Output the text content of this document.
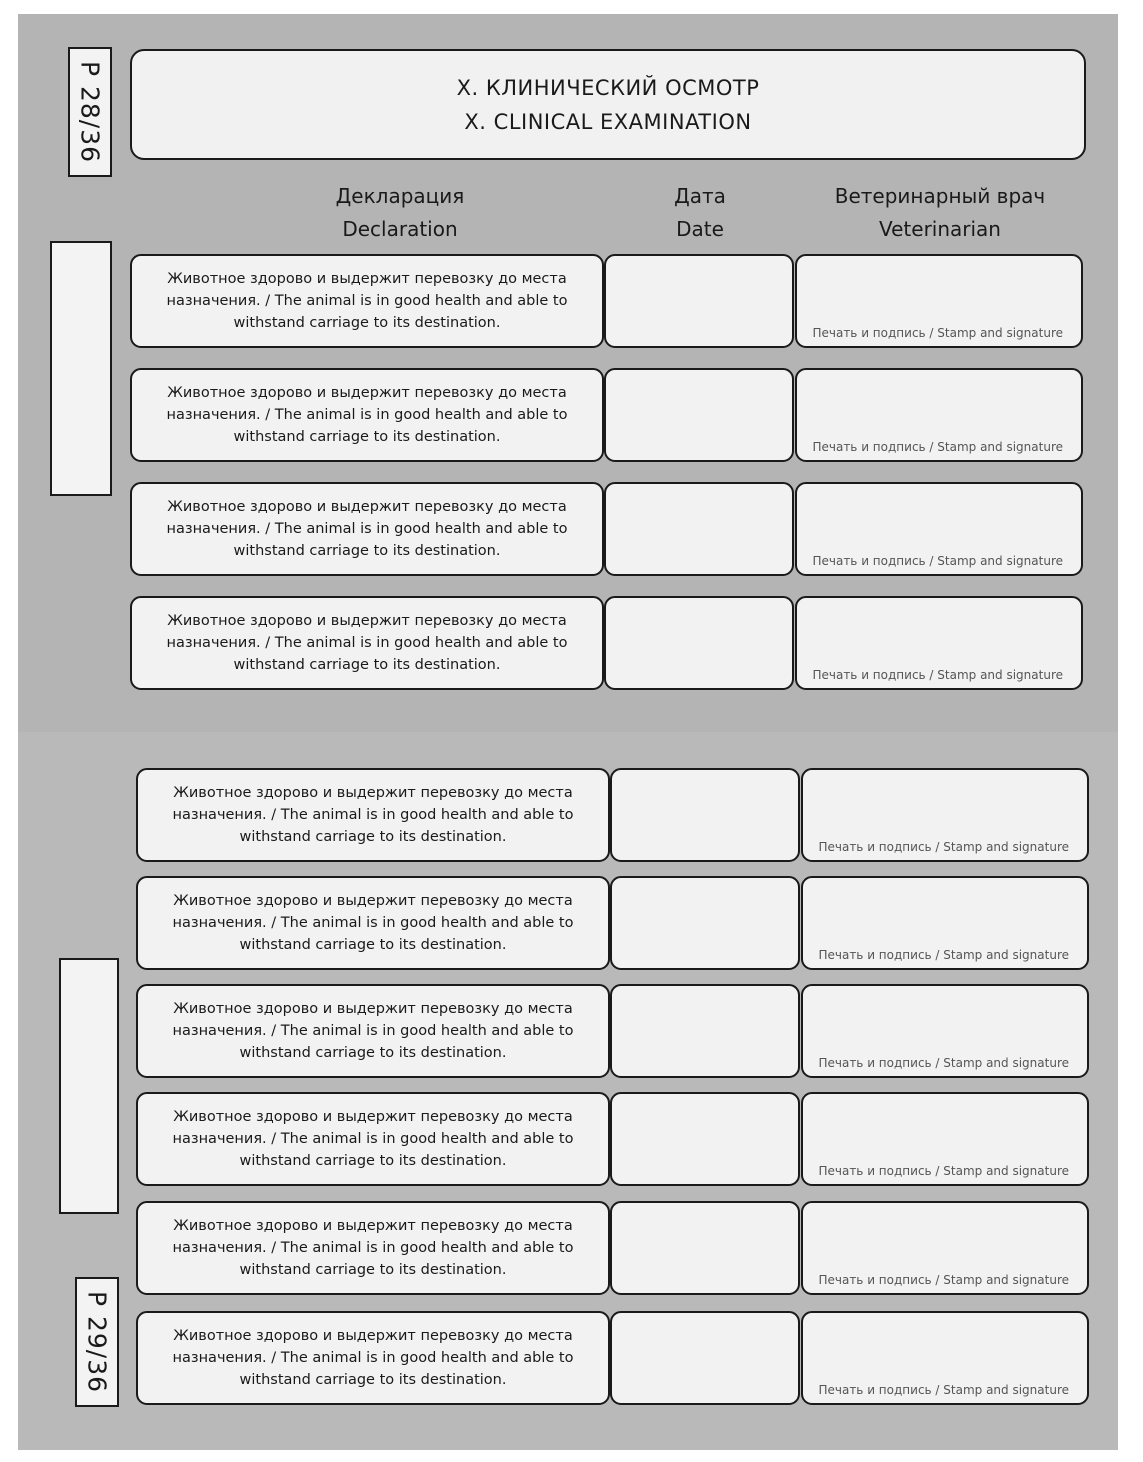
P 28/36	X. КЛИНИЧЕСКИЙ ОСМОТР
X. CLINICAL EXAMINATION
Декларация
Declaration
Дата
Date
Ветеринарный врач
Veterinarian
P 29/36
Животное здорово и выдержит перевозку до места назначения. / The animal is in good health and able to withstand carriage to its destination.
Печать и подпись / Stamp and signature
Животное здорово и выдержит перевозку до места назначения. / The animal is in good health and able to withstand carriage to its destination.
Печать и подпись / Stamp and signature
Животное здорово и выдержит перевозку до места назначения. / The animal is in good health and able to withstand carriage to its destination.
Печать и подпись / Stamp and signature
Животное здорово и выдержит перевозку до места назначения. / The animal is in good health and able to withstand carriage to its destination.
Печать и подпись / Stamp and signature
Животное здорово и выдержит перевозку до места назначения. / The animal is in good health and able to withstand carriage to its destination.
Печать и подпись / Stamp and signature
Животное здорово и выдержит перевозку до места назначения. / The animal is in good health and able to withstand carriage to its destination.
Печать и подпись / Stamp and signature
Животное здорово и выдержит перевозку до места назначения. / The animal is in good health and able to withstand carriage to its destination.
Печать и подпись / Stamp and signature
Животное здорово и выдержит перевозку до места назначения. / The animal is in good health and able to withstand carriage to its destination.
Печать и подпись / Stamp and signature
Животное здорово и выдержит перевозку до места назначения. / The animal is in good health and able to withstand carriage to its destination.
Печать и подпись / Stamp and signature
Животное здорово и выдержит перевозку до места назначения. / The animal is in good health and able to withstand carriage to its destination.
Печать и подпись / Stamp and signature
